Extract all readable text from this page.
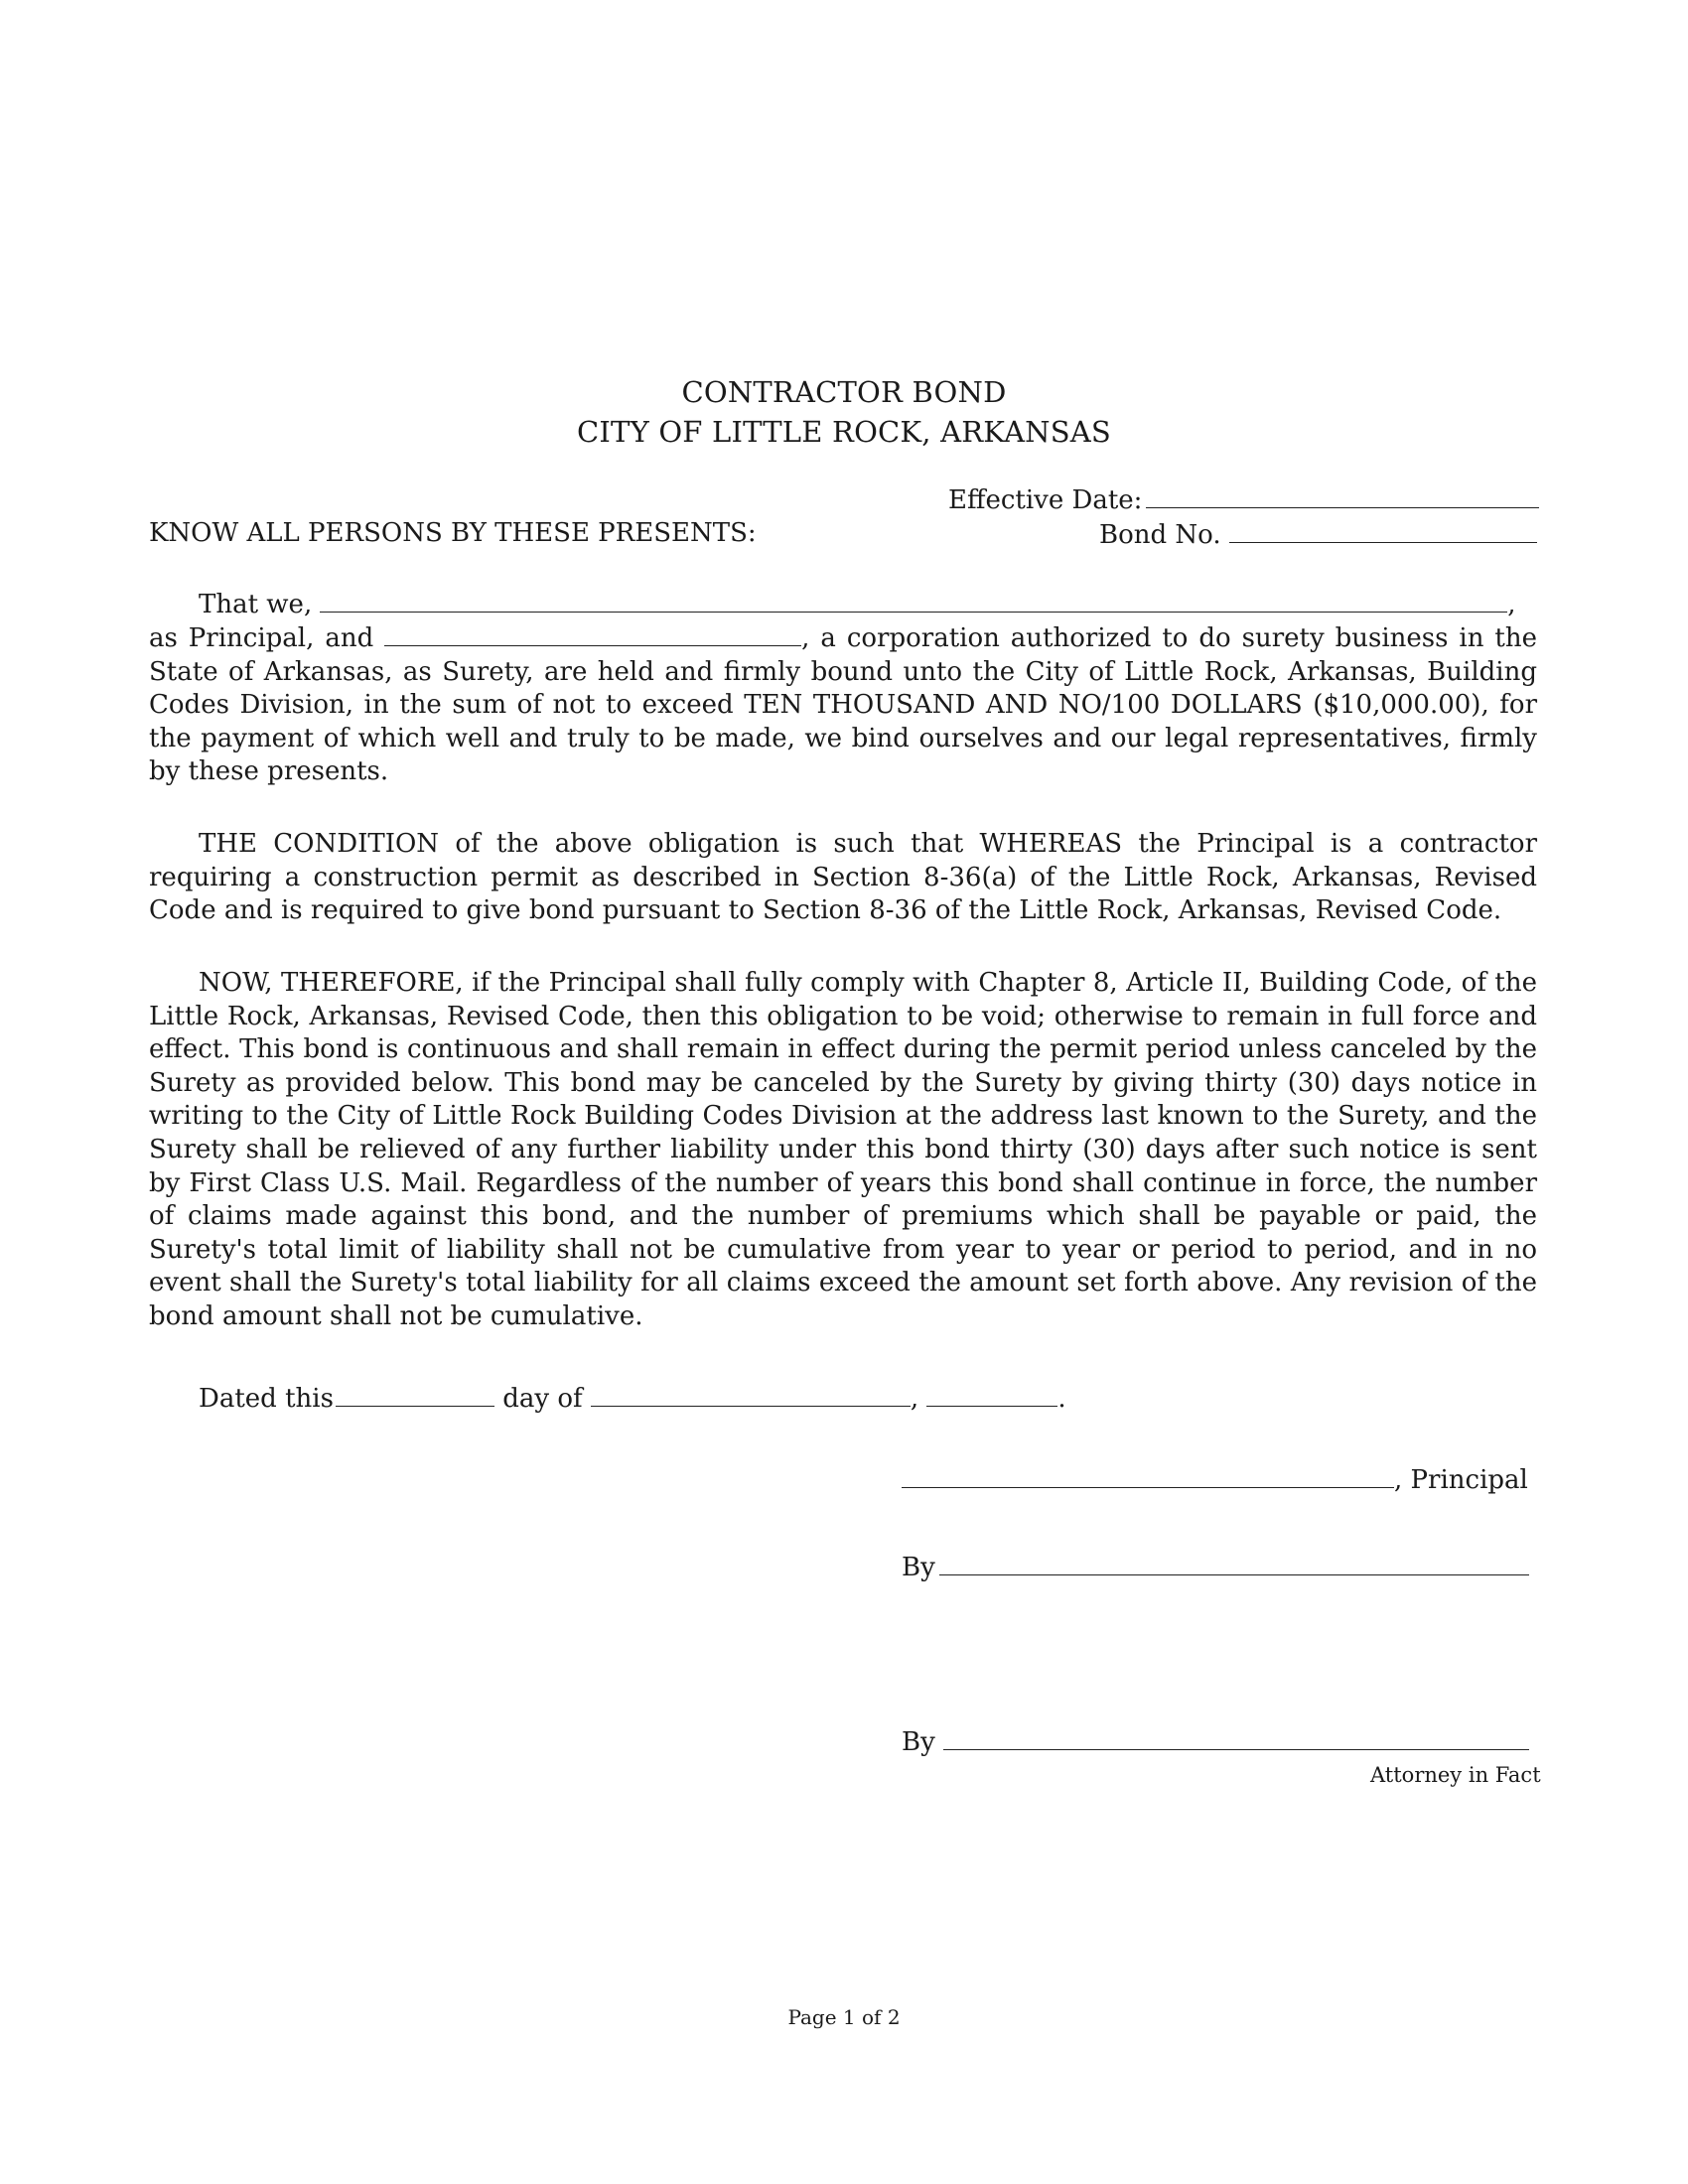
CONTRACTOR BOND
CITY OF LITTLE ROCK, ARKANSAS
Effective Date:
KNOW ALL PERSONS BY THESE PRESENTS:	Bond No.
That we,	,

as Principal, and	, a corporation authorized to do surety business in the State of Arkansas, as Surety, are held and firmly bound unto the City of Little Rock, Arkansas, Building Codes Division, in the sum of not to exceed TEN THOUSAND AND NO/100 DOLLARS ($10,000.00), for the payment of which well and truly to be made, we bind ourselves and our legal representatives, firmly by these presents.

THE CONDITION of the above obligation is such that WHEREAS the Principal is a contractor requiring a construction permit as described in Section 8-36(a) of the Little Rock, Arkansas, Revised Code and is required to give bond pursuant to Section 8-36 of the Little Rock, Arkansas, Revised Code.

NOW, THEREFORE, if the Principal shall fully comply with Chapter 8, Article II, Building Code, of the Little Rock, Arkansas, Revised Code, then this obligation to be void; otherwise to remain in full force and effect. This bond is continuous and shall remain in effect during the permit period unless canceled by the Surety as provided below. This bond may be canceled by the Surety by giving thirty (30) days notice in writing to the City of Little Rock Building Codes Division at the address last known to the Surety, and the Surety shall be relieved of any further liability under this bond thirty (30) days after such notice is sent by First Class U.S. Mail. Regardless of the number of years this bond shall continue in force, the number of claims made against this bond, and the number of premiums which shall be payable or paid, the Surety's total limit of liability shall not be cumulative from year to year or period to period, and in no event shall the Surety's total liability for all claims exceed the amount set forth above. Any revision of the bond amount shall not be cumulative.

Dated this	day of	,	.
, Principal
By
By
Attorney in Fact
Page 1 of 2
